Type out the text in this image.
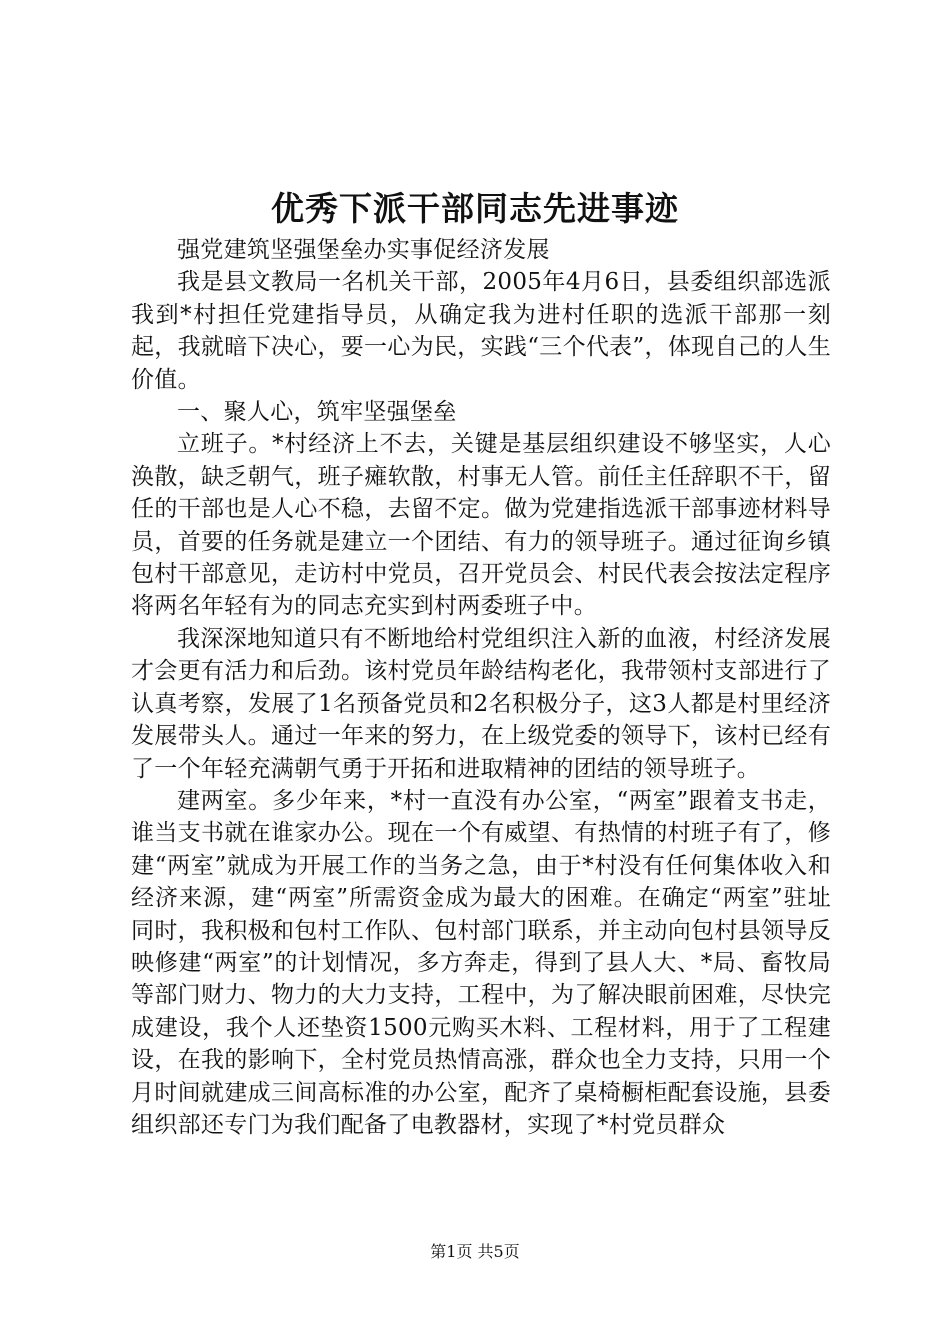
优秀下派干部同志先进事迹

强党建筑坚强堡垒办实事促经济发展

我是县文教局一名机关干部，2005年4月6日，县委组织部选派我到*村担任党建指导员，从确定我为进村任职的选派干部那一刻起，我就暗下决心，要一心为民，实践“三个代表”，体现自己的人生价值。

一、聚人心，筑牢坚强堡垒

立班子。*村经济上不去，关键是基层组织建设不够坚实，人心涣散，缺乏朝气，班子瘫软散，村事无人管。前任主任辞职不干，留任的干部也是人心不稳，去留不定。做为党建指选派干部事迹材料导员，首要的任务就是建立一个团结、有力的领导班子。通过征询乡镇包村干部意见，走访村中党员，召开党员会、村民代表会按法定程序将两名年轻有为的同志充实到村两委班子中。

我深深地知道只有不断地给村党组织注入新的血液，村经济发展才会更有活力和后劲。该村党员年龄结构老化，我带领村支部进行了认真考察，发展了1名预备党员和2名积极分子，这3人都是村里经济发展带头人。通过一年来的努力，在上级党委的领导下，该村已经有了一个年轻充满朝气勇于开拓和进取精神的团结的领导班子。

建两室。多少年来，*村一直没有办公室，“两室”跟着支书走，谁当支书就在谁家办公。现在一个有威望、有热情的村班子有了，修建“两室”就成为开展工作的当务之急，由于*村没有任何集体收入和经济来源，建“两室”所需资金成为最大的困难。在确定“两室”驻址同时，我积极和包村工作队、包村部门联系，并主动向包村县领导反映修建“两室”的计划情况，多方奔走，得到了县人大、*局、畜牧局等部门财力、物力的大力支持，工程中，为了解决眼前困难，尽快完成建设，我个人还垫资1500元购买木料、工程材料，用于了工程建设，在我的影响下，全村党员热情高涨，群众也全力支持，只用一个月时间就建成三间高标准的办公室，配齐了桌椅橱柜配套设施，县委组织部还专门为我们配备了电教器材，实现了*村党员群众

第1页 共5页
